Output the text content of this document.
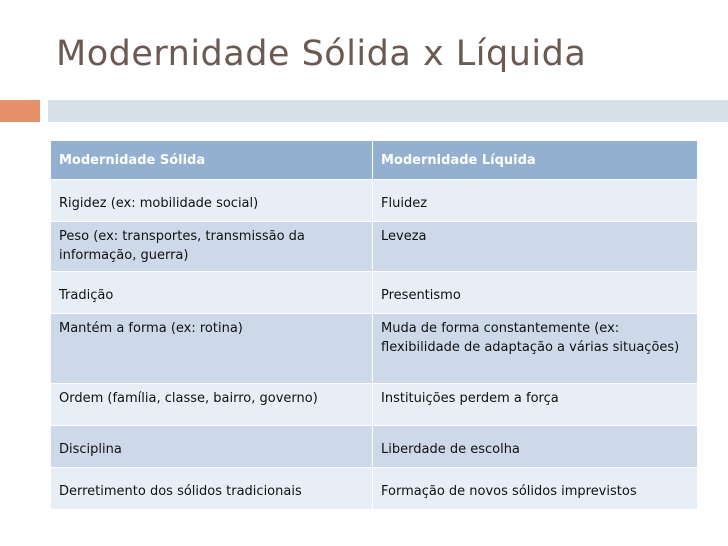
Modernidade Sólida x Líquida
Modernidade Sólida	Modernidade Líquida
Rigidez (ex: mobilidade social)	Fluidez
Peso (ex: transportes, transmissão da informação, guerra)	Leveza
Tradição	Presentismo
Mantém a forma (ex: rotina)	Muda de forma constantemente (ex: flexibilidade de adaptação a várias situações)
Ordem (família, classe, bairro, governo)	Instituições perdem a força
Disciplina	Liberdade de escolha
Derretimento dos sólidos tradicionais	Formação de novos sólidos imprevistos
